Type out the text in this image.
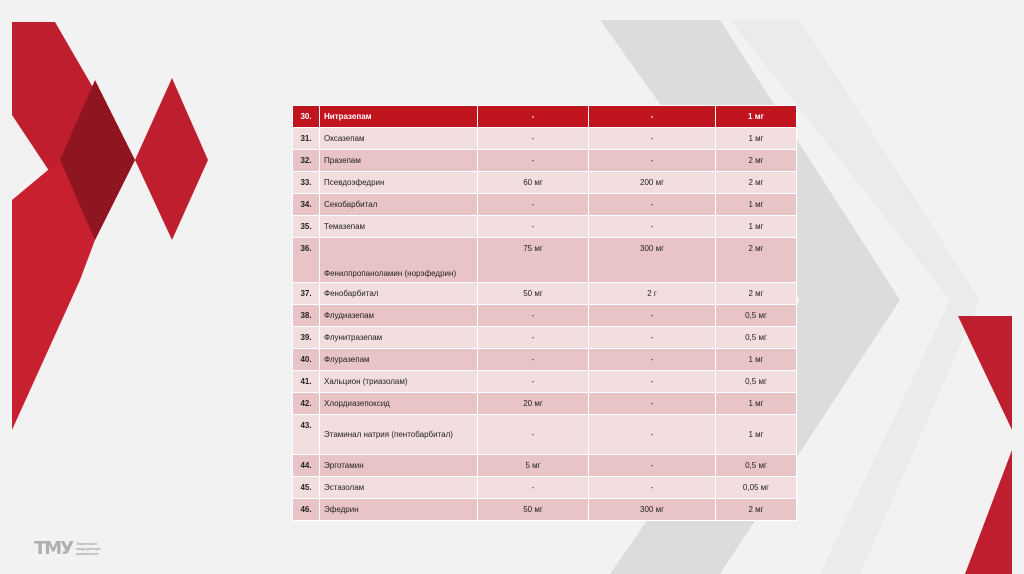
30.	Нитразепам	-	-	1 мг
31.	Оксазепам	-	-	1 мг
32.	Празепам	-	-	2 мг
33.	Псевдоэфедрин	60 мг	200 мг	2 мг
34.	Секобарбитал	-	-	1 мг
35.	Темазепам	-	-	1 мг
36.	Фенилпропаноламин (норэфедрин)	75 мг	300 мг	2 мг
37.	Фенобарбитал	50 мг	2 г	2 мг
38.	Флудиазепам	-	-	0,5 мг
39.	Флунитразепам	-	-	0,5 мг
40.	Флуразепам	-	-	1 мг
41.	Хальцион (триазолам)	-	-	0,5 мг
42.	Хлордиазепоксид	20 мг	-	1 мг
43.	Этаминал натрия (пентобарбитал)	-	-	1 мг
44.	Эрготамин	5 мг	-	0,5 мг
45.	Эстазолам	-	-	0,05 мг
46.	Эфедрин	50 мг	300 мг	2 мг
ТМУ Тюменский медицинский университет
